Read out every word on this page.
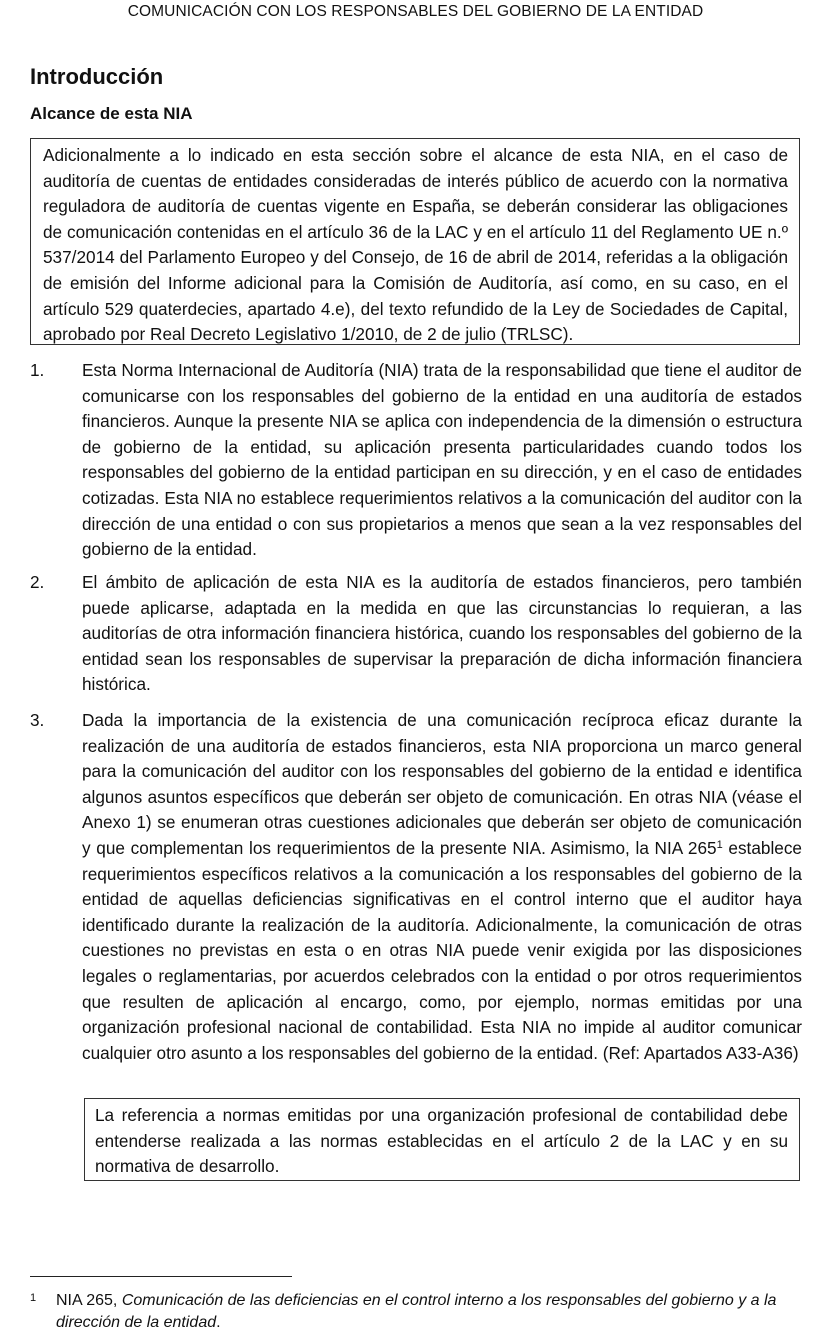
COMUNICACIÓN CON LOS RESPONSABLES DEL GOBIERNO DE LA ENTIDAD
Introducción
Alcance de esta NIA
Adicionalmente a lo indicado en esta sección sobre el alcance de esta NIA, en el caso de auditoría de cuentas de entidades consideradas de interés público de acuerdo con la normativa reguladora de auditoría de cuentas vigente en España, se deberán considerar las obligaciones de comunicación contenidas en el artículo 36 de la LAC y en el artículo 11 del Reglamento UE n.º 537/2014 del Parlamento Europeo y del Consejo, de 16 de abril de 2014, referidas a la obligación de emisión del Informe adicional para la Comisión de Auditoría, así como, en su caso, en el artículo 529 quaterdecies, apartado 4.e), del texto refundido de la Ley de Sociedades de Capital, aprobado por Real Decreto Legislativo 1/2010, de 2 de julio (TRLSC).
1.	Esta Norma Internacional de Auditoría (NIA) trata de la responsabilidad que tiene el auditor de comunicarse con los responsables del gobierno de la entidad en una auditoría de estados financieros. Aunque la presente NIA se aplica con independencia de la dimensión o estructura de gobierno de la entidad, su aplicación presenta particularidades cuando todos los responsables del gobierno de la entidad participan en su dirección, y en el caso de entidades cotizadas. Esta NIA no establece requerimientos relativos a la comunicación del auditor con la dirección de una entidad o con sus propietarios a menos que sean a la vez responsables del gobierno de la entidad.
2.	El ámbito de aplicación de esta NIA es la auditoría de estados financieros, pero también puede aplicarse, adaptada en la medida en que las circunstancias lo requieran, a las auditorías de otra información financiera histórica, cuando los responsables del gobierno de la entidad sean los responsables de supervisar la preparación de dicha información financiera histórica.
3.	Dada la importancia de la existencia de una comunicación recíproca eficaz durante la realización de una auditoría de estados financieros, esta NIA proporciona un marco general para la comunicación del auditor con los responsables del gobierno de la entidad e identifica algunos asuntos específicos que deberán ser objeto de comunicación. En otras NIA (véase el Anexo 1) se enumeran otras cuestiones adicionales que deberán ser objeto de comunicación y que complementan los requerimientos de la presente NIA. Asimismo, la NIA $265^1$ establece requerimientos específicos relativos a la comunicación a los responsables del gobierno de la entidad de aquellas deficiencias significativas en el control interno que el auditor haya identificado durante la realización de la auditoría. Adicionalmente, la comunicación de otras cuestiones no previstas en esta o en otras NIA puede venir exigida por las disposiciones legales o reglamentarias, por acuerdos celebrados con la entidad o por otros requerimientos que resulten de aplicación al encargo, como, por ejemplo, normas emitidas por una organización profesional nacional de contabilidad. Esta NIA no impide al auditor comunicar cualquier otro asunto a los responsables del gobierno de la entidad. (Ref: Apartados A33-A36)
La referencia a normas emitidas por una organización profesional de contabilidad debe entenderse realizada a las normas establecidas en el artículo 2 de la LAC y en su normativa de desarrollo.
1 NIA 265, Comunicación de las deficiencias en el control interno a los responsables del gobierno y a la dirección de la entidad.
